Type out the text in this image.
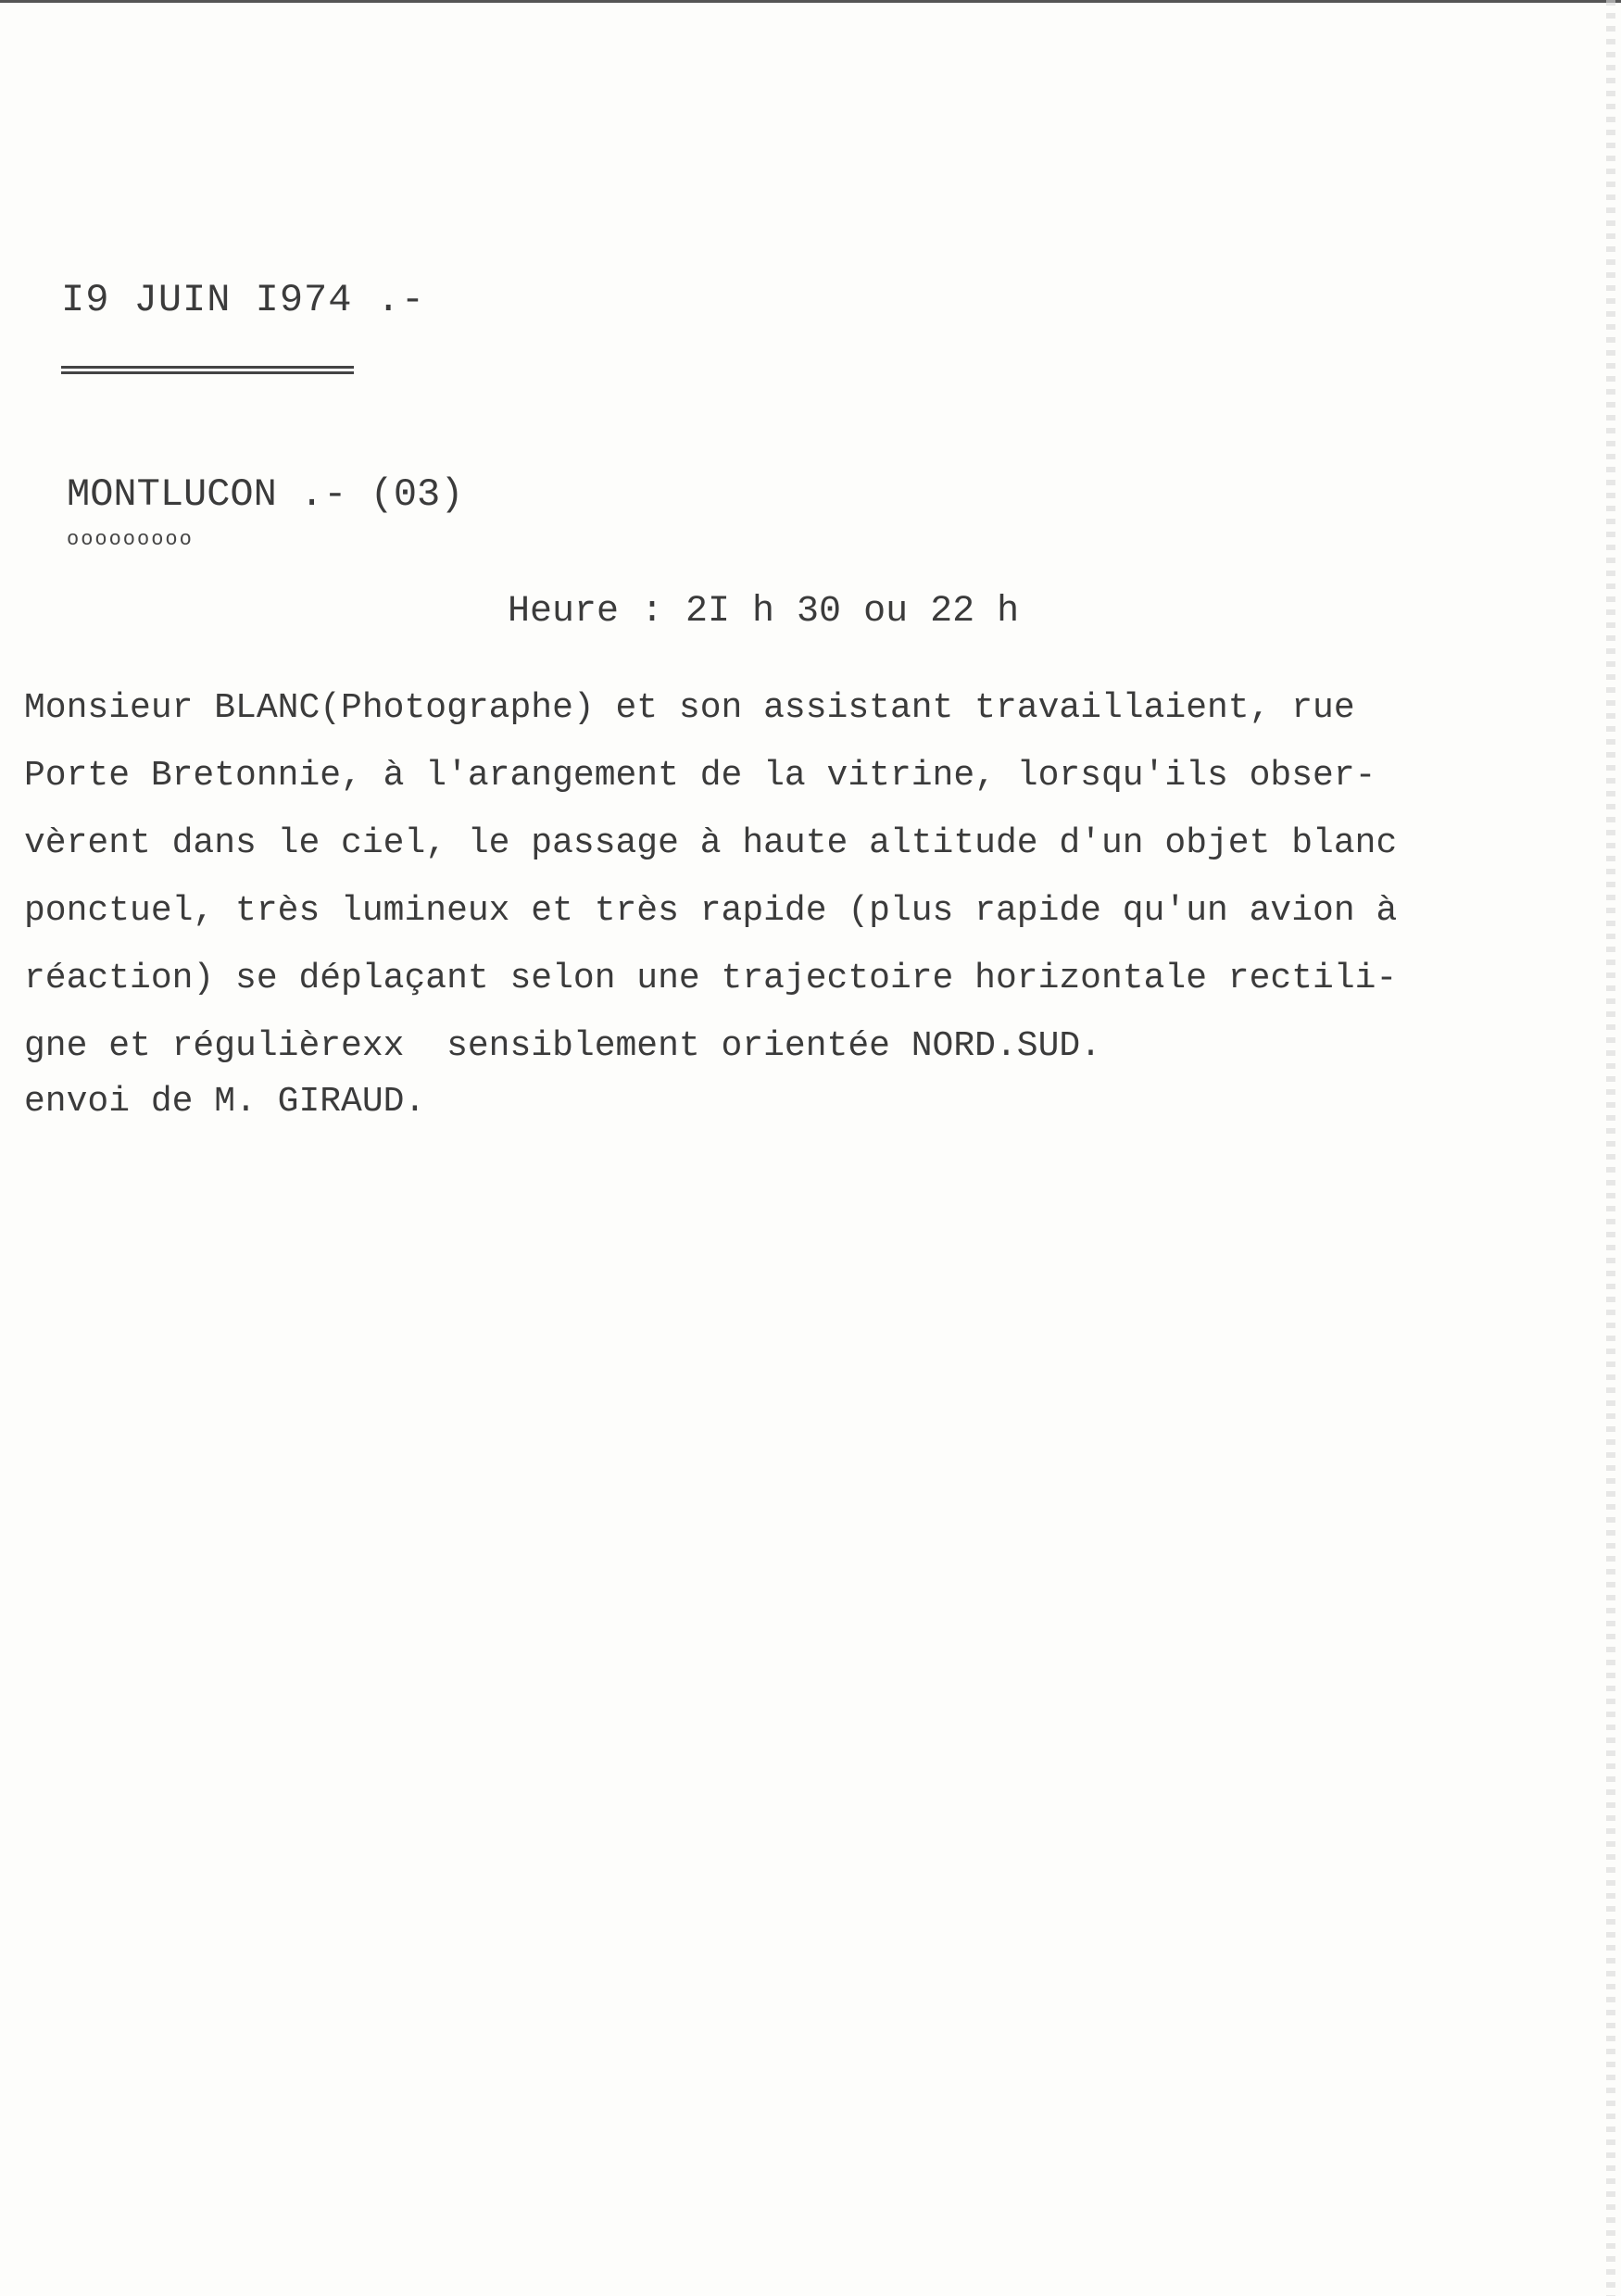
I9 JUIN I974 .-
MONTLUCON .- (03)
ooooooooo
Heure : 2I h 30 ou 22 h

Monsieur BLANC(Photographe) et son assistant travaillaient, rue
Porte Bretonnie, à l'arangement de la vitrine, lorsqu'ils obser-
vèrent dans le ciel, le passage à haute altitude d'un objet blanc
ponctuel, très lumineux et très rapide (plus rapide qu'un avion à
réaction) se déplaçant selon une trajectoire horizontale rectili-
gne et régulièrexx  sensiblement orientée NORD.SUD.

envoi de M. GIRAUD.
